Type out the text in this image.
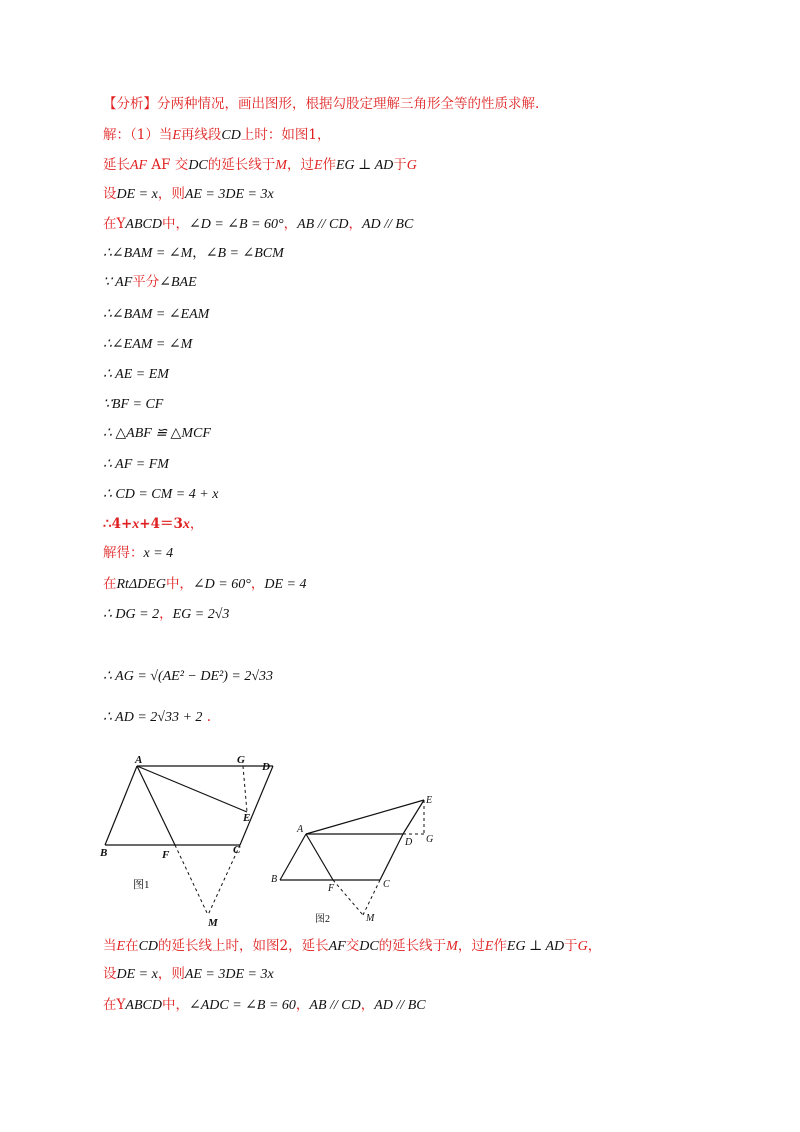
【分析】分两种情况，画出图形，根据勾股定理解三角形全等的性质求解.
解：（1）当E再线段CD上时：如图1，
延长AF AF 交DC的延长线于M，过E作EG ⊥ AD于G
设DE = x，则AE = 3DE = 3x
在YABCD中，∠D = ∠B = 60°，AB // CD，AD // BC
∴∠BAM = ∠M，∠B = ∠BCM
∵ AF平分∠BAE
∴∠BAM = ∠EAM
∴∠EAM = ∠M
∴ AE = EM
∵BF = CF
∴ △ABF ≌ △MCF
∴ AF = FM
∴ CD = CM = 4 + x
∴4+x+4＝3x，
解得：x = 4
在RtΔDEG中，∠D = 60°，DE = 4
∴ DG = 2，EG = 2√3
∴ AG = √(AE² − DE²) = 2√33
∴ AD = 2√33 + 2 .
当E在CD的延长线上时，如图2，延长AF交DC的延长线于M，过E作EG ⊥ AD于G，
设DE = x，则AE = 3DE = 3x
在YABCD中，∠ADC = ∠B = 60，AB // CD，AD // BC
A	G
D
E
B	F	C
M
图1
A
E
D G
B
F	C
M
图2
